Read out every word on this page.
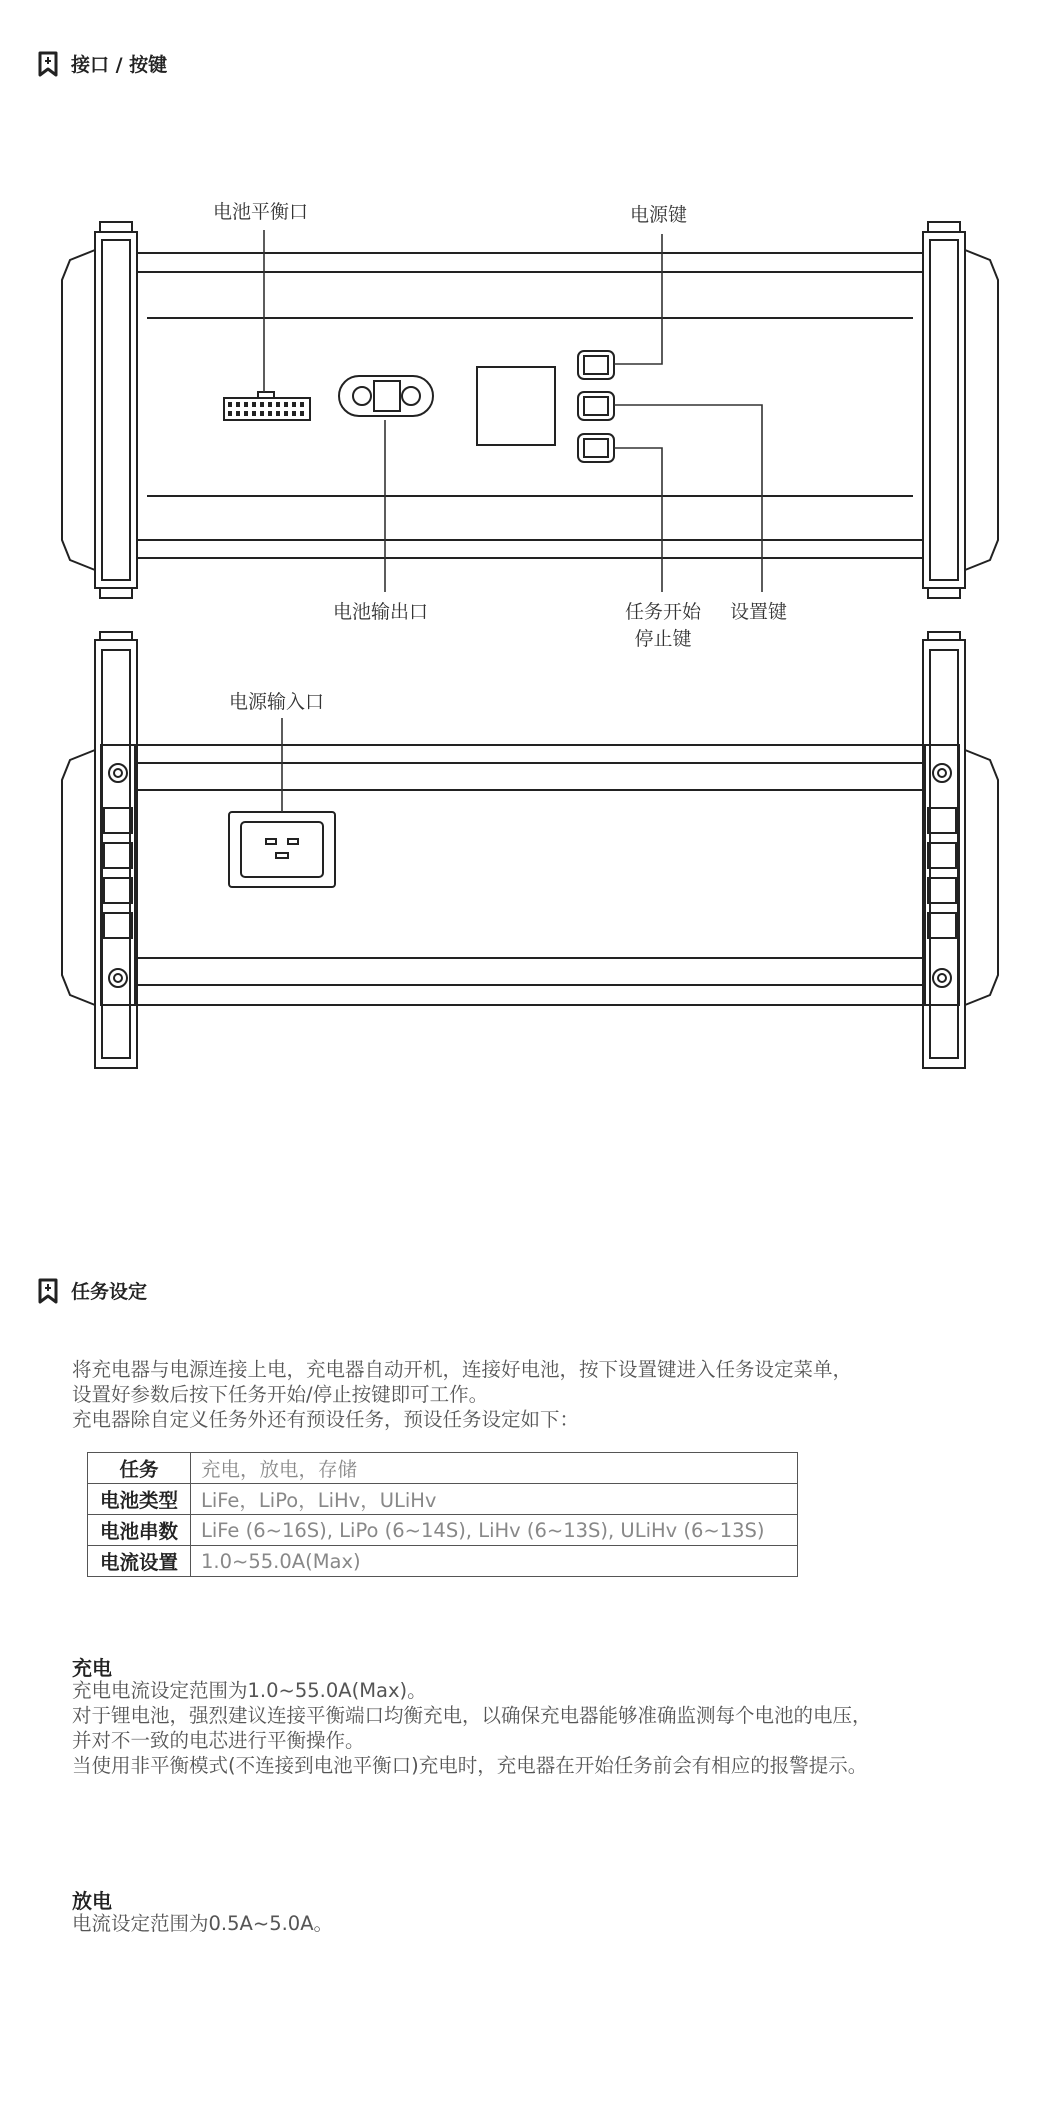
接口 / 按键
电池平衡口	电源键
电池输出口	任务开始
停止键
设置键
电源输入口
任务设定
将充电器与电源连接上电，充电器自动开机，连接好电池，按下设置键进入任务设定菜单，
设置好参数后按下任务开始/停止按键即可工作。
充电器除自定义任务外还有预设任务，预设任务设定如下：
任务	充电，放电，存储
电池类型	LiFe，LiPo，LiHv，ULiHv
电池串数	LiFe (6~16S), LiPo (6~14S), LiHv (6~13S), ULiHv (6~13S)
电流设置	1.0~55.0A(Max)
充电
充电电流设定范围为1.0~55.0A(Max)。
对于锂电池，强烈建议连接平衡端口均衡充电，以确保充电器能够准确监测每个电池的电压，
并对不一致的电芯进行平衡操作。
当使用非平衡模式(不连接到电池平衡口)充电时，充电器在开始任务前会有相应的报警提示。
放电
电流设定范围为0.5A~5.0A。
